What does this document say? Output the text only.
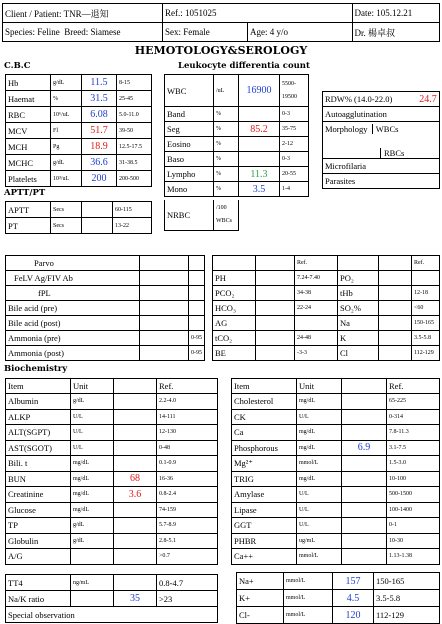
Client / Patient: TNR—退知	Ref.: 1051025		Date: 105.12.21
Species: Feline Breed: Siamese	Sex: Female	Age: 4 y/o	Dr. 楊卓叔
HEMOTOLOGY&SEROLOGY
C.B.C
Hb	g/dL	11.5	8-15
Haemat	%	31.5	25-45
RBC	10⁶/uL	6.08	5.0-11.0
MCV	Fl	51.7	39-50
MCH	Pg	18.9	12.5-17.5
MCHC	g/dL	36.6	31-38.5
Platelets	10³/uL	200	200-500
Leukocyte differentia count
WBC	/uL	16900	5500-
19500

Band	%		0-3
Seg	%	85.2	35-75
Eosino	%		2-12
Baso	%		0-3
Lympho	%	11.3	20-55
Mono	%	3.5	1-4
NRBC	
/100
WBCs

RDW% (14.0-22.0)	24.7
Autoagglutination	
Morphology WBCs	
RBCs	
Microfilaria	
Parasites	
APTT/PT
APTT	Secs		60-115
PT	Secs		13-22
Parvo		
FeLV Ag/FIV Ab		
fPL		
Bile acid (pre)		
Bile acid (post)		
Ammonia (pre)		0-95
Ammonia (post)		0-95
		Ref.			Ref.
PH		7.24-7.40	PO₂		
PCO₂		34-38	tHb		12-18
HCO₃		22-24	SO₂%		<60
AG			Na		150-165
tCO₂		24-48	K		3.5-5.8
BE		-3-3	Cl		112-129
Biochemistry
Item	Unit		Ref.
Albumin	g/dL		2.2-4.0
ALKP	U/L		14-111
ALT(SGPT)	U/L		12-130
AST(SGOT)	U/L		0-48
Bili. t	mg/dL		0.1-0.9
BUN	mg/dL	68	16-36
Creatinine	mg/dL	3.6	0.8-2.4
Glucose	mg/dL		74-159
TP	g/dL		5.7-8.9
Globulin	g/dL		2.8-5.1
A/G			>0.7
Item	Unit		Ref.
Cholesterol	mg/dL		65-225
CK	U/L		0-314
Ca	mg/dL		7.8-11.3
Phosphorous	mg/dL	6.9	3.1-7.5
Mg²⁺	mmol/L		1.5-3.0
TRIG	mg/dL		10-100
Amylase	U/L		500-1500
Lipase	U/L		100-1400
GGT	U/L		0-1
PHBR	ug/mL		10-30
Ca++	mmol/L		1.13-1.38
TT4	ng/mL		0.8-4.7
Na/K ratio		35	>23
Special observation
Na+	mmol/L	157	150-165
K+	mmol/L	4.5	3.5-5.8
Cl-	mmol/L	120	112-129
